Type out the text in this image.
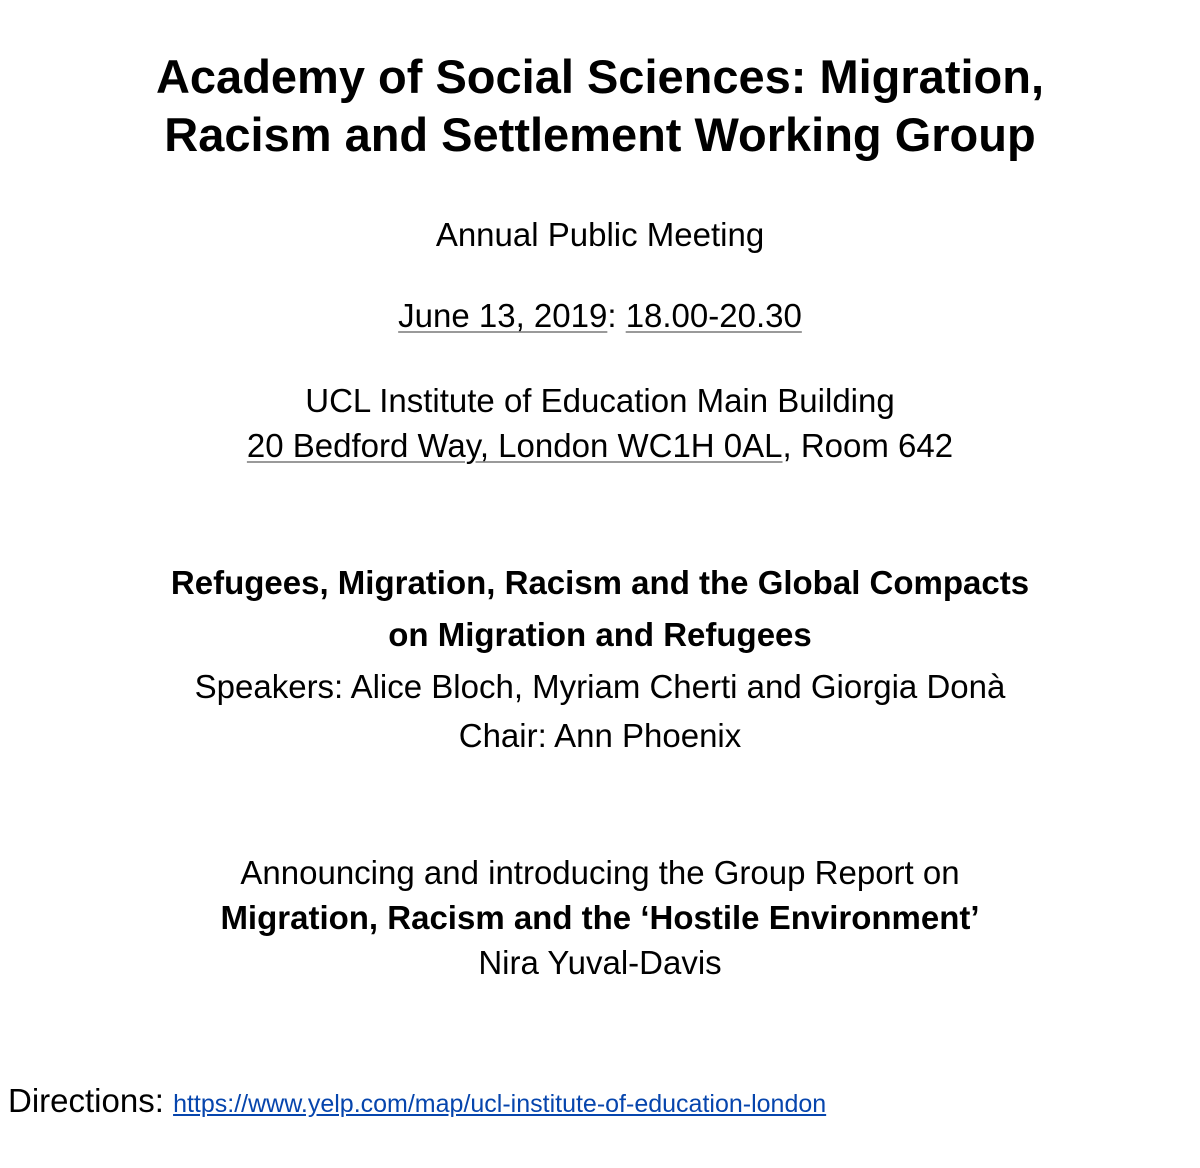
Academy of Social Sciences: Migration,
Racism and Settlement Working Group
Annual Public Meeting
June 13, 2019: 18.00-20.30
UCL Institute of Education Main Building
20 Bedford Way, London WC1H 0AL, Room 642
Refugees, Migration, Racism and the Global Compacts
on Migration and Refugees
Speakers: Alice Bloch, Myriam Cherti and Giorgia Donà
Chair: Ann Phoenix
Announcing and introducing the Group Report on
Migration, Racism and the ‘Hostile Environment’
Nira Yuval-Davis
Directions: https://www.yelp.com/map/ucl-institute-of-education-london
